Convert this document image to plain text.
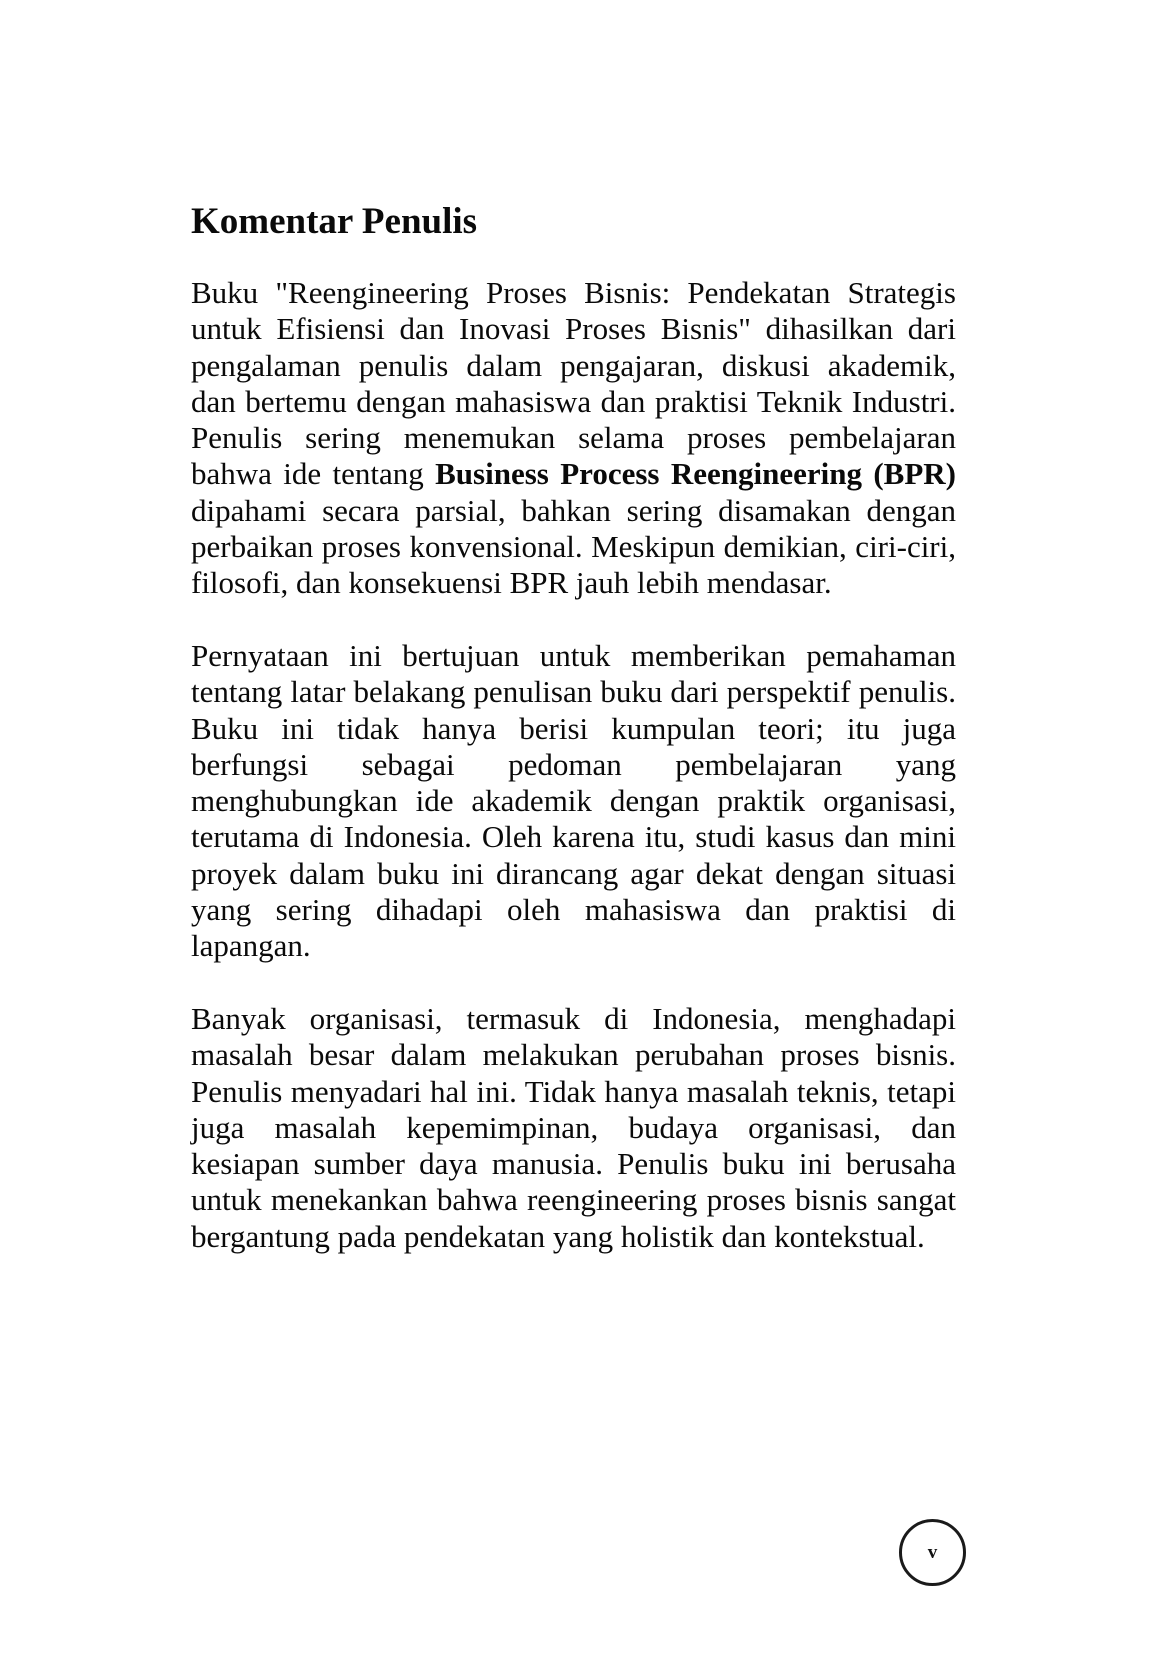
Komentar Penulis

Buku "Reengineering Proses Bisnis: Pendekatan Strategis untuk Efisiensi dan Inovasi Proses Bisnis" dihasilkan dari pengalaman penulis dalam pengajaran, diskusi akademik, dan bertemu dengan mahasiswa dan praktisi Teknik Industri. Penulis sering menemukan selama proses pembelajaran bahwa ide tentang Business Process Reengineering (BPR) dipahami secara parsial, bahkan sering disamakan dengan perbaikan proses konvensional. Meskipun demikian, ciri-ciri, filosofi, dan konsekuensi BPR jauh lebih mendasar.

Pernyataan ini bertujuan untuk memberikan pemahaman tentang latar belakang penulisan buku dari perspektif penulis. Buku ini tidak hanya berisi kumpulan teori; itu juga berfungsi sebagai pedoman pembelajaran yang menghubungkan ide akademik dengan praktik organisasi, terutama di Indonesia. Oleh karena itu, studi kasus dan mini proyek dalam buku ini dirancang agar dekat dengan situasi yang sering dihadapi oleh mahasiswa dan praktisi di lapangan.

Banyak organisasi, termasuk di Indonesia, menghadapi masalah besar dalam melakukan perubahan proses bisnis. Penulis menyadari hal ini. Tidak hanya masalah teknis, tetapi juga masalah kepemimpinan, budaya organisasi, dan kesiapan sumber daya manusia. Penulis buku ini berusaha untuk menekankan bahwa reengineering proses bisnis sangat bergantung pada pendekatan yang holistik dan kontekstual.

v
